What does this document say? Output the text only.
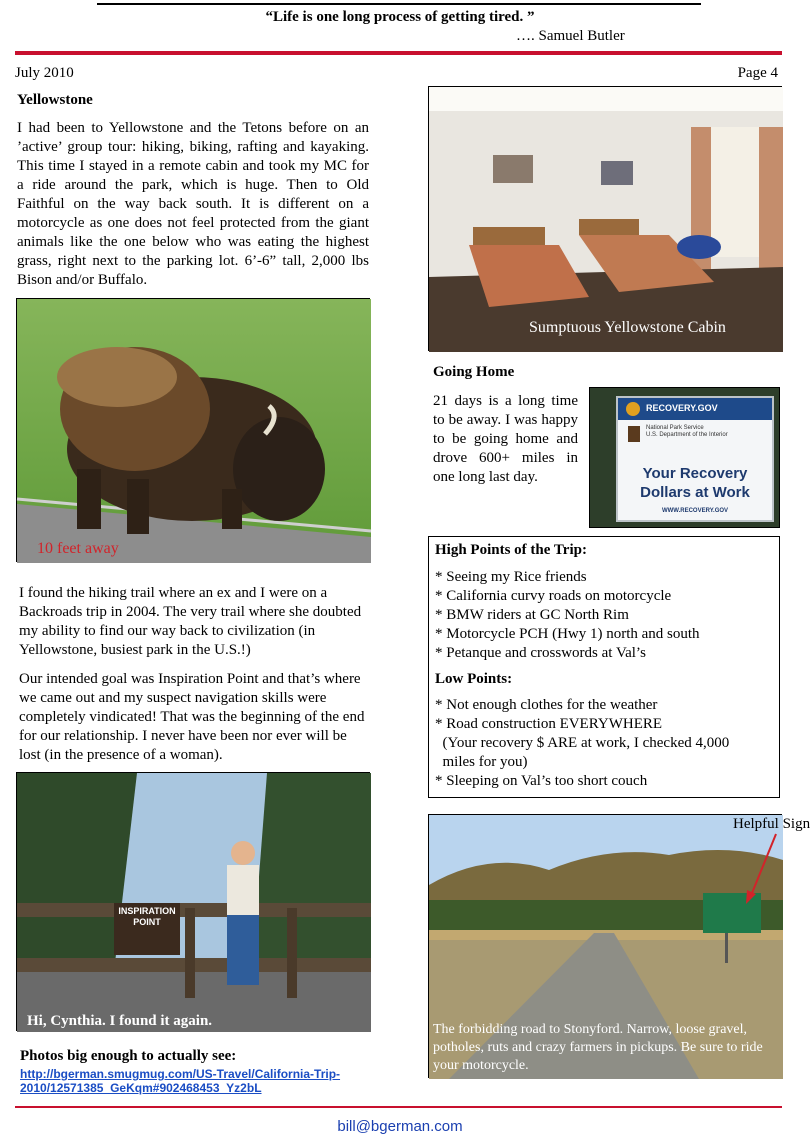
“Life is one long process of getting tired. ”
…. Samuel Butler
July 2010	Page 4
Yellowstone
I had been to Yellowstone and the Tetons before on an ’active’ group tour: hiking, biking, rafting and kayaking. This time I stayed in a remote cabin and took my MC for a ride around the park, which is huge. Then to Old Faithful on the way back south. It is different on a motorcycle as one does not feel protected from the giant animals like the one below who was eating the highest grass, right next to the parking lot. 6’-6” tall, 2,000 lbs Bison and/or Buffalo.
10 feet away
I found the hiking trail where an ex and I were on a Backroads trip in 2004. The very trail where she doubted my ability to find our way back to civilization (in Yellowstone, busiest park in the U.S.!)
Our intended goal was Inspiration Point and that’s where we came out and my suspect navigation skills were completely vindicated! That was the beginning of the end for our relationship. I never have been nor ever will be lost (in the presence of a woman).
INSPIRATION
POINT
Hi, Cynthia. I found it again.
Photos big enough to actually see:
http://bgerman.smugmug.com/US-Travel/California-Trip-2010/12571385_GeKqm#902468453_Yz2bL
Sumptuous Yellowstone Cabin
Going Home
21 days is a long time to be away. I was happy to be going home and drove 600+ miles in one long last day.
RECOVERY.GOV
National Park Service
U.S. Department of the Interior
Your Recovery
Dollars at Work
WWW.RECOVERY.GOV
High Points of the Trip:
* Seeing my Rice friends
* California curvy roads on motorcycle
* BMW riders at GC North Rim
* Motorcycle PCH (Hwy 1) north and south
* Petanque and crosswords at Val’s
Low Points:
* Not enough clothes for the weather
* Road construction EVERYWHERE
(Your recovery $ ARE at work, I checked 4,000
miles for you)
* Sleeping on Val’s too short couch
The forbidding road to Stonyford. Narrow, loose gravel, potholes, ruts and crazy farmers in pickups. Be sure to ride your motorcycle.
Helpful Sign
bill@bgerman.com
